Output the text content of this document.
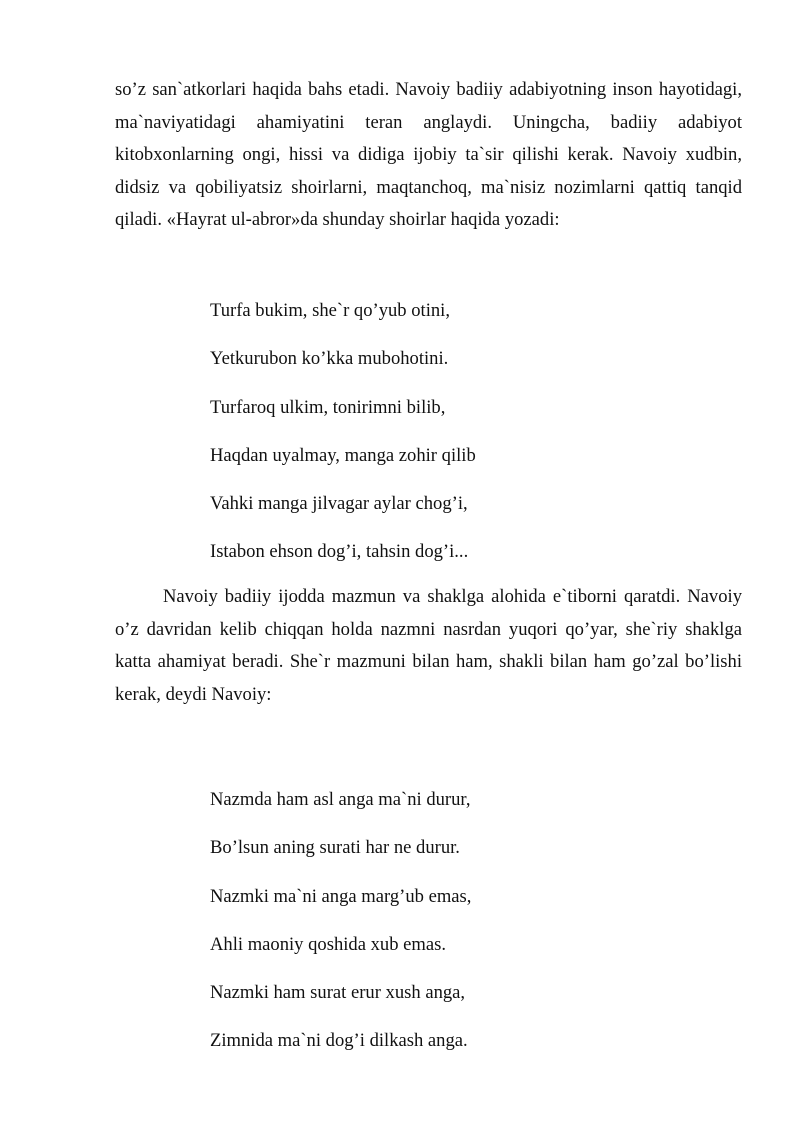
so’z san`atkorlari haqida bahs etadi. Navoiy badiiy adabiyotning inson hayotidagi, ma`naviyatidagi ahamiyatini teran anglaydi. Uningcha, badiiy adabiyot kitobxonlarning ongi, hissi va didiga ijobiy ta`sir qilishi kerak. Navoiy xudbin, didsiz va qobiliyatsiz shoirlarni, maqtanchoq, ma`nisiz nozimlarni qattiq tanqid qiladi. «Hayrat ul-abror»da shunday shoirlar haqida yozadi:

Turfa bukim, she`r qo’yub otini,
Yetkurubon ko’kka mubohotini.
Turfaroq ulkim, tonirimni bilib,
Haqdan uyalmay, manga zohir qilib
Vahki manga jilvagar aylar chog’i,
Istabon ehson dog’i, tahsin dog’i...

Navoiy badiiy ijodda mazmun va shaklga alohida e`tiborni qaratdi. Navoiy o’z davridan kelib chiqqan holda nazmni nasrdan yuqori qo’yar, she`riy shaklga katta ahamiyat beradi. She`r mazmuni bilan ham, shakli bilan ham go’zal bo’lishi kerak, deydi Navoiy:

Nazmda ham asl anga ma`ni durur,
Bo’lsun aning surati har ne durur.
Nazmki ma`ni anga marg’ub emas,
Ahli maoniy qoshida xub emas.
Nazmki ham surat erur xush anga,
Zimnida ma`ni dog’i dilkash anga.
